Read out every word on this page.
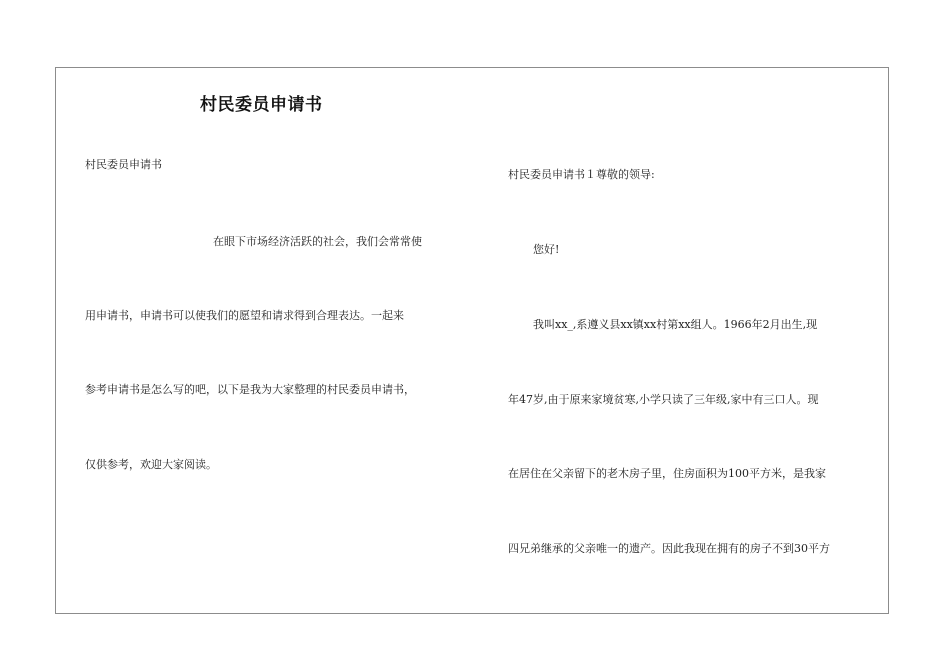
村民委员申请书
村民委员申请书
在眼下市场经济活跃的社会，我们会常常使
用申请书，申请书可以使我们的愿望和请求得到合理表达。一起来
参考申请书是怎么写的吧，以下是我为大家整理的村民委员申请书，
仅供参考，欢迎大家阅读。
村民委员申请书１尊敬的领导:
您好!
我叫xx_,系遵义县xx镇xx村第xx组人。1966年2月出生,现
年47岁,由于原来家境贫寒,小学只读了三年级,家中有三口人。现
在居住在父亲留下的老木房子里，住房面积为100平方米，是我家
四兄弟继承的父亲唯一的遗产。因此我现在拥有的房子不到30平方
